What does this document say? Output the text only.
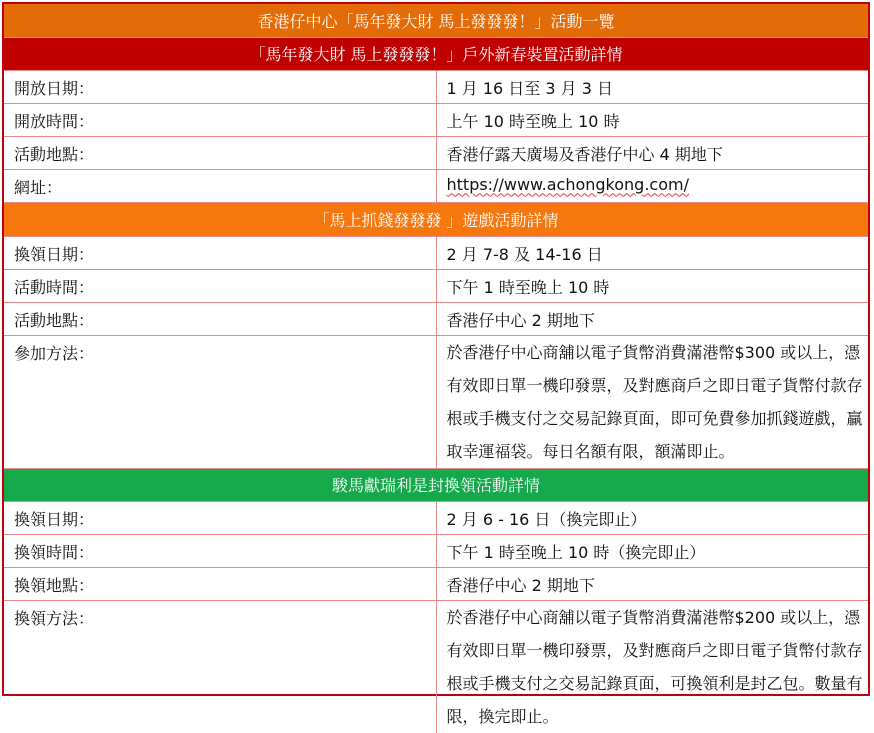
香港仔中心「馬年發大財 馬上發發發！」活動一覽	
「馬年發大財 馬上發發發！」戶外新春裝置活動詳情	
開放日期：	1 月 16 日至 3 月 3 日
開放時間：	上午 10 時至晚上 10 時
活動地點：	香港仔露天廣場及香港仔中心 4 期地下
網址：	https://www.achongkong.com/
「馬上抓錢發發發 」遊戲活動詳情	
換領日期：	2 月 7-8 及 14-16 日
活動時間：	下午 1 時至晚上 10 時
活動地點：	香港仔中心 2 期地下
參加方法：	於香港仔中心商舖以電子貨幣消費滿港幣$300 或以上，憑有效即日單一機印發票，及對應商戶之即日電子貨幣付款存根或手機支付之交易記錄頁面，即可免費參加抓錢遊戲，贏取幸運福袋。每日名額有限，額滿即止。
駿馬獻瑞利是封換領活動詳情	
換領日期：	2 月 6 - 16 日（換完即止）
換領時間：	下午 1 時至晚上 10 時（換完即止）
換領地點：	香港仔中心 2 期地下
換領方法：	於香港仔中心商舖以電子貨幣消費滿港幣$200 或以上，憑有效即日單一機印發票，及對應商戶之即日電子貨幣付款存根或手機支付之交易記錄頁面，可換領利是封乙包。數量有限，換完即止。
